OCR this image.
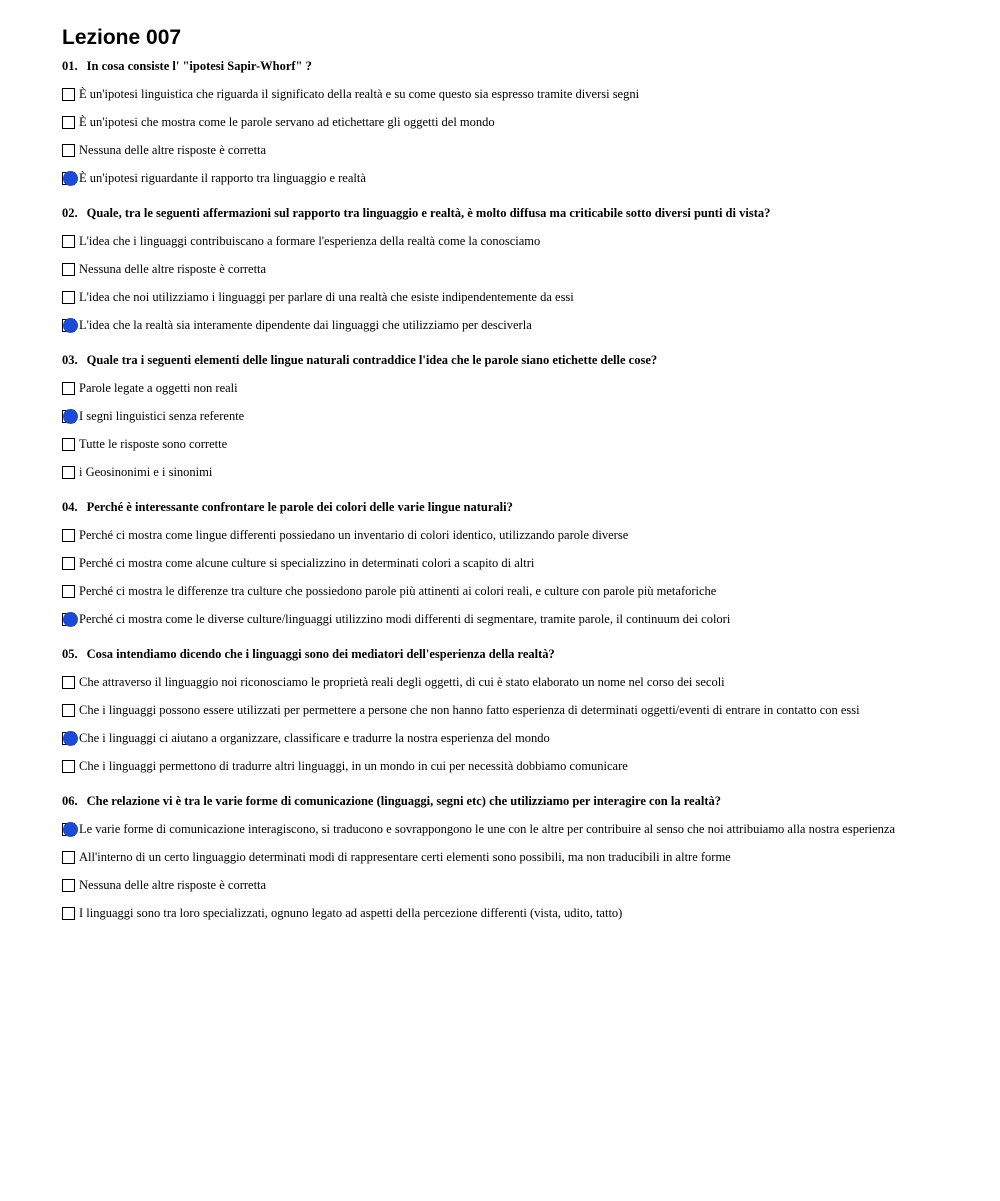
Lezione 007
01. In cosa consiste l' "ipotesi Sapir-Whorf" ?
È un'ipotesi linguistica che riguarda il significato della realtà e su come questo sia espresso tramite diversi segni
È un'ipotesi che mostra come le parole servano ad etichettare gli oggetti del mondo
Nessuna delle altre risposte è corretta
È un'ipotesi riguardante il rapporto tra linguaggio e realtà
02. Quale, tra le seguenti affermazioni sul rapporto tra linguaggio e realtà, è molto diffusa ma criticabile sotto diversi punti di vista?
L'idea che i linguaggi contribuiscano a formare l'esperienza della realtà come la conosciamo
Nessuna delle altre risposte è corretta
L'idea che noi utilizziamo i linguaggi per parlare di una realtà che esiste indipendentemente da essi
L'idea che la realtà sia interamente dipendente dai linguaggi che utilizziamo per desciverla
03. Quale tra i seguenti elementi delle lingue naturali contraddice l'idea che le parole siano etichette delle cose?
Parole legate a oggetti non reali
I segni linguistici senza referente
Tutte le risposte sono corrette
i Geosinonimi e i sinonimi
04. Perché è interessante confrontare le parole dei colori delle varie lingue naturali?
Perché ci mostra come lingue differenti possiedano un inventario di colori identico, utilizzando parole diverse
Perché ci mostra come alcune culture si specializzino in determinati colori a scapito di altri
Perché ci mostra le differenze tra culture che possiedono parole più attinenti ai colori reali, e culture con parole più metaforiche
Perché ci mostra come le diverse culture/linguaggi utilizzino modi differenti di segmentare, tramite parole, il continuum dei colori
05. Cosa intendiamo dicendo che i linguaggi sono dei mediatori dell'esperienza della realtà?
Che attraverso il linguaggio noi riconosciamo le proprietà reali degli oggetti, di cui è stato elaborato un nome nel corso dei secoli
Che i linguaggi possono essere utilizzati per permettere a persone che non hanno fatto esperienza di determinati oggetti/eventi di entrare in contatto con essi
Che i linguaggi ci aiutano a organizzare, classificare e tradurre la nostra esperienza del mondo
Che i linguaggi permettono di tradurre altri linguaggi, in un mondo in cui per necessità dobbiamo comunicare
06. Che relazione vi è tra le varie forme di comunicazione (linguaggi, segni etc) che utilizziamo per interagire con la realtà?
Le varie forme di comunicazione interagiscono, si traducono e sovrappongono le une con le altre per contribuire al senso che noi attribuiamo alla nostra esperienza
All'interno di un certo linguaggio determinati modi di rappresentare certi elementi sono possibili, ma non traducibili in altre forme
Nessuna delle altre risposte è corretta
I linguaggi sono tra loro specializzati, ognuno legato ad aspetti della percezione differenti (vista, udito, tatto)
